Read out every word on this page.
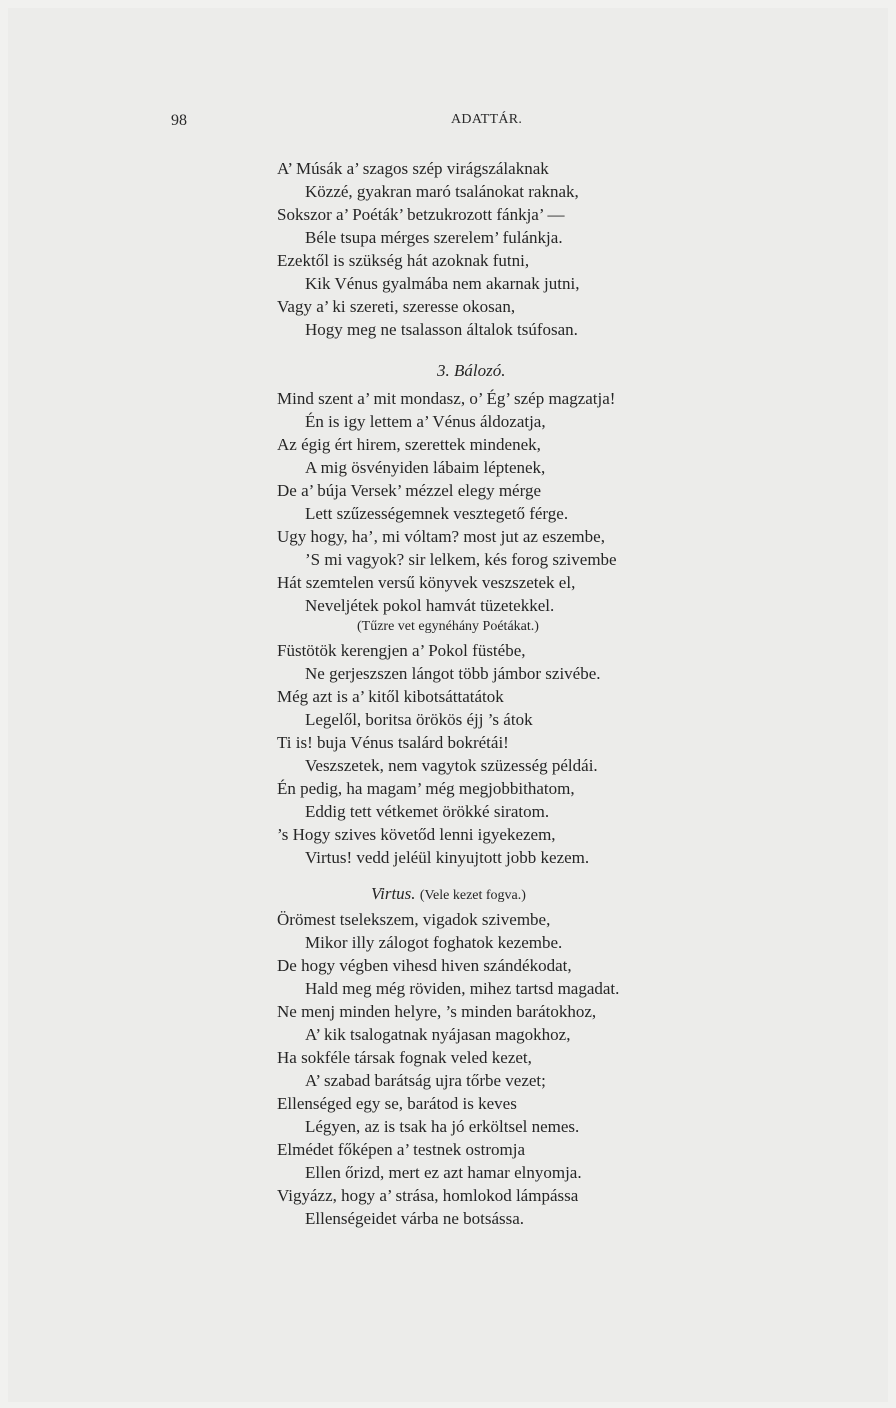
98	ADATTÁR.
A’ Músák a’ szagos szép virágszálaknak
Közzé, gyakran maró tsalánokat raknak,
Sokszor a’ Poéták’ betzukrozott fánkja’ —
Béle tsupa mérges szerelem’ fulánkja.
Ezektől is szükség hát azoknak futni,
Kik Vénus gyalmába nem akarnak jutni,
Vagy a’ ki szereti, szeresse okosan,
Hogy meg ne tsalasson általok tsúfosan.
3. Bálozó.
Mind szent a’ mit mondasz, o’ Ég’ szép magzatja!
Én is igy lettem a’ Vénus áldozatja,
Az égig ért hirem, szerettek mindenek,
A mig ösvényiden lábaim léptenek,
De a’ búja Versek’ mézzel elegy mérge
Lett szűzességemnek vesztegető férge.
Ugy hogy, ha’, mi vóltam? most jut az eszembe,
’S mi vagyok? sir lelkem, kés forog szivembe
Hát szemtelen versű könyvek veszszetek el,
Neveljétek pokol hamvát tüzetekkel.
(Tűzre vet egynéhány Poétákat.)
Füstötök kerengjen a’ Pokol füstébe,
Ne gerjeszszen lángot több jámbor szivébe.
Még azt is a’ kitől kibotsáttatátok
Legelől, boritsa örökös éjj ’s átok
Ti is! buja Vénus tsalárd bokrétái!
Veszszetek, nem vagytok szüzesség példái.
Én pedig, ha magam’ még megjobbithatom,
Eddig tett vétkemet örökké siratom.
’s Hogy szives követőd lenni igyekezem,
Virtus! vedd jeléül kinyujtott jobb kezem.
Virtus. (Vele kezet fogva.)
Örömest tselekszem, vigadok szivembe,
Mikor illy zálogot foghatok kezembe.
De hogy végben vihesd hiven szándékodat,
Hald meg még röviden, mihez tartsd magadat.
Ne menj minden helyre, ’s minden barátokhoz,
A’ kik tsalogatnak nyájasan magokhoz,
Ha sokféle társak fognak veled kezet,
A’ szabad barátság ujra tőrbe vezet;
Ellenséged egy se, barátod is keves
Légyen, az is tsak ha jó erköltsel nemes.
Elmédet főképen a’ testnek ostromja
Ellen őrizd, mert ez azt hamar elnyomja.
Vigyázz, hogy a’ strása, homlokod lámpássa
Ellenségeidet várba ne botsássa.
